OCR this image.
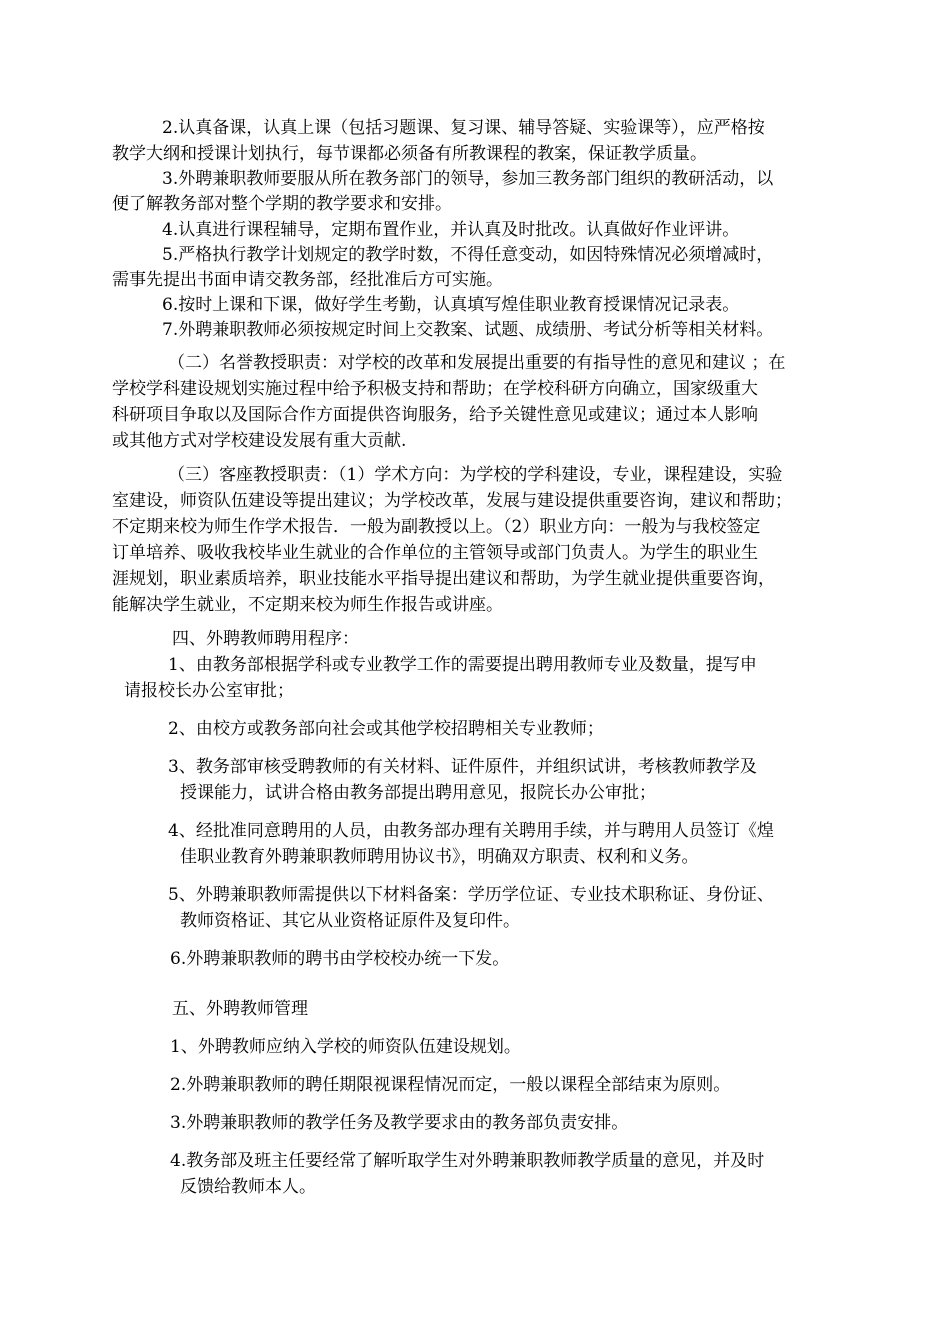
2.认真备课，认真上课（包括习题课、复习课、辅导答疑、实验课等），应严格按
教学大纲和授课计划执行，每节课都必须备有所教课程的教案，保证教学质量。
3.外聘兼职教师要服从所在教务部门的领导，参加三教务部门组织的教研活动，以
便了解教务部对整个学期的教学要求和安排。
4.认真进行课程辅导，定期布置作业，并认真及时批改。认真做好作业评讲。
5.严格执行教学计划规定的教学时数，不得任意变动，如因特殊情况必须增减时，
需事先提出书面申请交教务部，经批准后方可实施。
6.按时上课和下课，做好学生考勤，认真填写煌佳职业教育授课情况记录表。
7.外聘兼职教师必须按规定时间上交教案、试题、成绩册、考试分析等相关材料。
（二）名誉教授职责：对学校的改革和发展提出重要的有指导性的意见和建议 ；在
学校学科建设规划实施过程中给予积极支持和帮助；在学校科研方向确立，国家级重大
科研项目争取以及国际合作方面提供咨询服务，给予关键性意见或建议；通过本人影响
或其他方式对学校建设发展有重大贡献.
（三）客座教授职责：（1）学术方向：为学校的学科建设，专业，课程建设，实验
室建设，师资队伍建设等提出建议；为学校改革，发展与建设提供重要咨询，建议和帮助；
不定期来校为师生作学术报告．一般为副教授以上。（2）职业方向：一般为与我校签定
订单培养、吸收我校毕业生就业的合作单位的主管领导或部门负责人。为学生的职业生
涯规划，职业素质培养，职业技能水平指导提出建议和帮助，为学生就业提供重要咨询，
能解决学生就业，不定期来校为师生作报告或讲座。
四、外聘教师聘用程序：
1、由教务部根据学科或专业教学工作的需要提出聘用教师专业及数量，提写申
请报校长办公室审批；
2、由校方或教务部向社会或其他学校招聘相关专业教师；
3、教务部审核受聘教师的有关材料、证件原件，并组织试讲，考核教师教学及
授课能力，试讲合格由教务部提出聘用意见，报院长办公审批；
4、经批准同意聘用的人员，由教务部办理有关聘用手续，并与聘用人员签订《煌
佳职业教育外聘兼职教师聘用协议书》，明确双方职责、权利和义务。
5、外聘兼职教师需提供以下材料备案：学历学位证、专业技术职称证、身份证、
教师资格证、其它从业资格证原件及复印件。
6.外聘兼职教师的聘书由学校校办统一下发。
五、外聘教师管理
1、外聘教师应纳入学校的师资队伍建设规划。
2.外聘兼职教师的聘任期限视课程情况而定，一般以课程全部结束为原则。
3.外聘兼职教师的教学任务及教学要求由的教务部负责安排。
4.教务部及班主任要经常了解听取学生对外聘兼职教师教学质量的意见，并及时
反馈给教师本人。
